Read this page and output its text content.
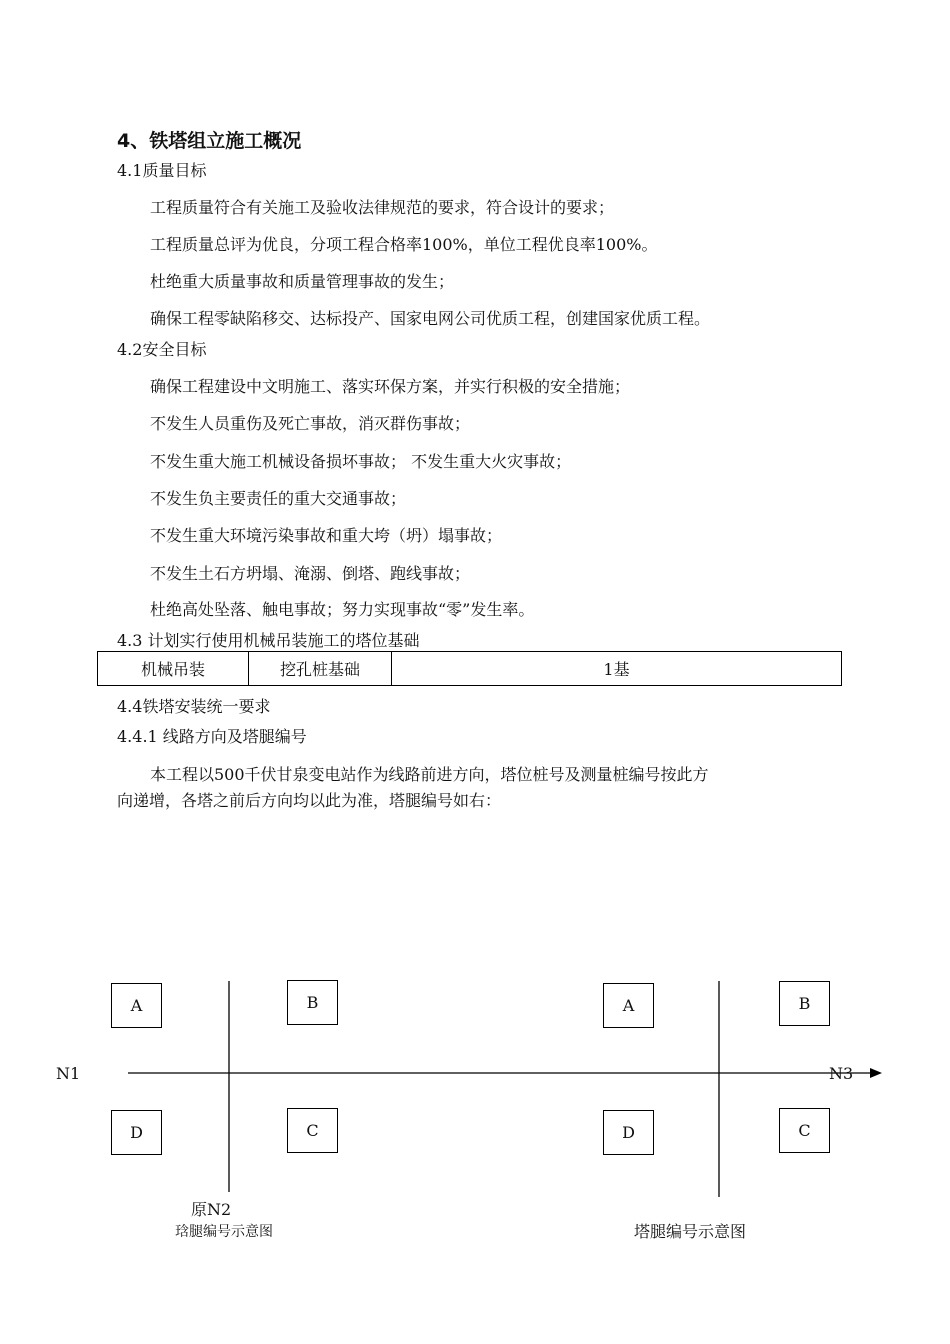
4、铁塔组立施工概况
4.1质量目标
工程质量符合有关施工及验收法律规范的要求，符合设计的要求；
工程质量总评为优良，分项工程合格率100%，单位工程优良率100%。
杜绝重大质量事故和质量管理事故的发生；
确保工程零缺陷移交、达标投产、国家电网公司优质工程，创建国家优质工程。
4.2安全目标
确保工程建设中文明施工、落实环保方案，并实行积极的安全措施；
不发生人员重伤及死亡事故，消灭群伤事故；
不发生重大施工机械设备损坏事故； 不发生重大火灾事故；
不发生负主要责任的重大交通事故；
不发生重大环境污染事故和重大垮（坍）塌事故；
不发生土石方坍塌、淹溺、倒塔、跑线事故；
杜绝高处坠落、触电事故；努力实现事故“零”发生率。
4.3 计划实行使用机械吊装施工的塔位基础
机械吊装	挖孔桩基础	1基
4.4铁塔安装统一要求
4.4.1 线路方向及塔腿编号
本工程以500千伏甘泉变电站作为线路前进方向，塔位桩号及测量桩编号按此方
向递增，各塔之前后方向均以此为准，塔腿编号如右：
A	B
D	C
A	B
D	C
N1	N3
原N2
琀腿编号示意图	塔腿编号示意图
